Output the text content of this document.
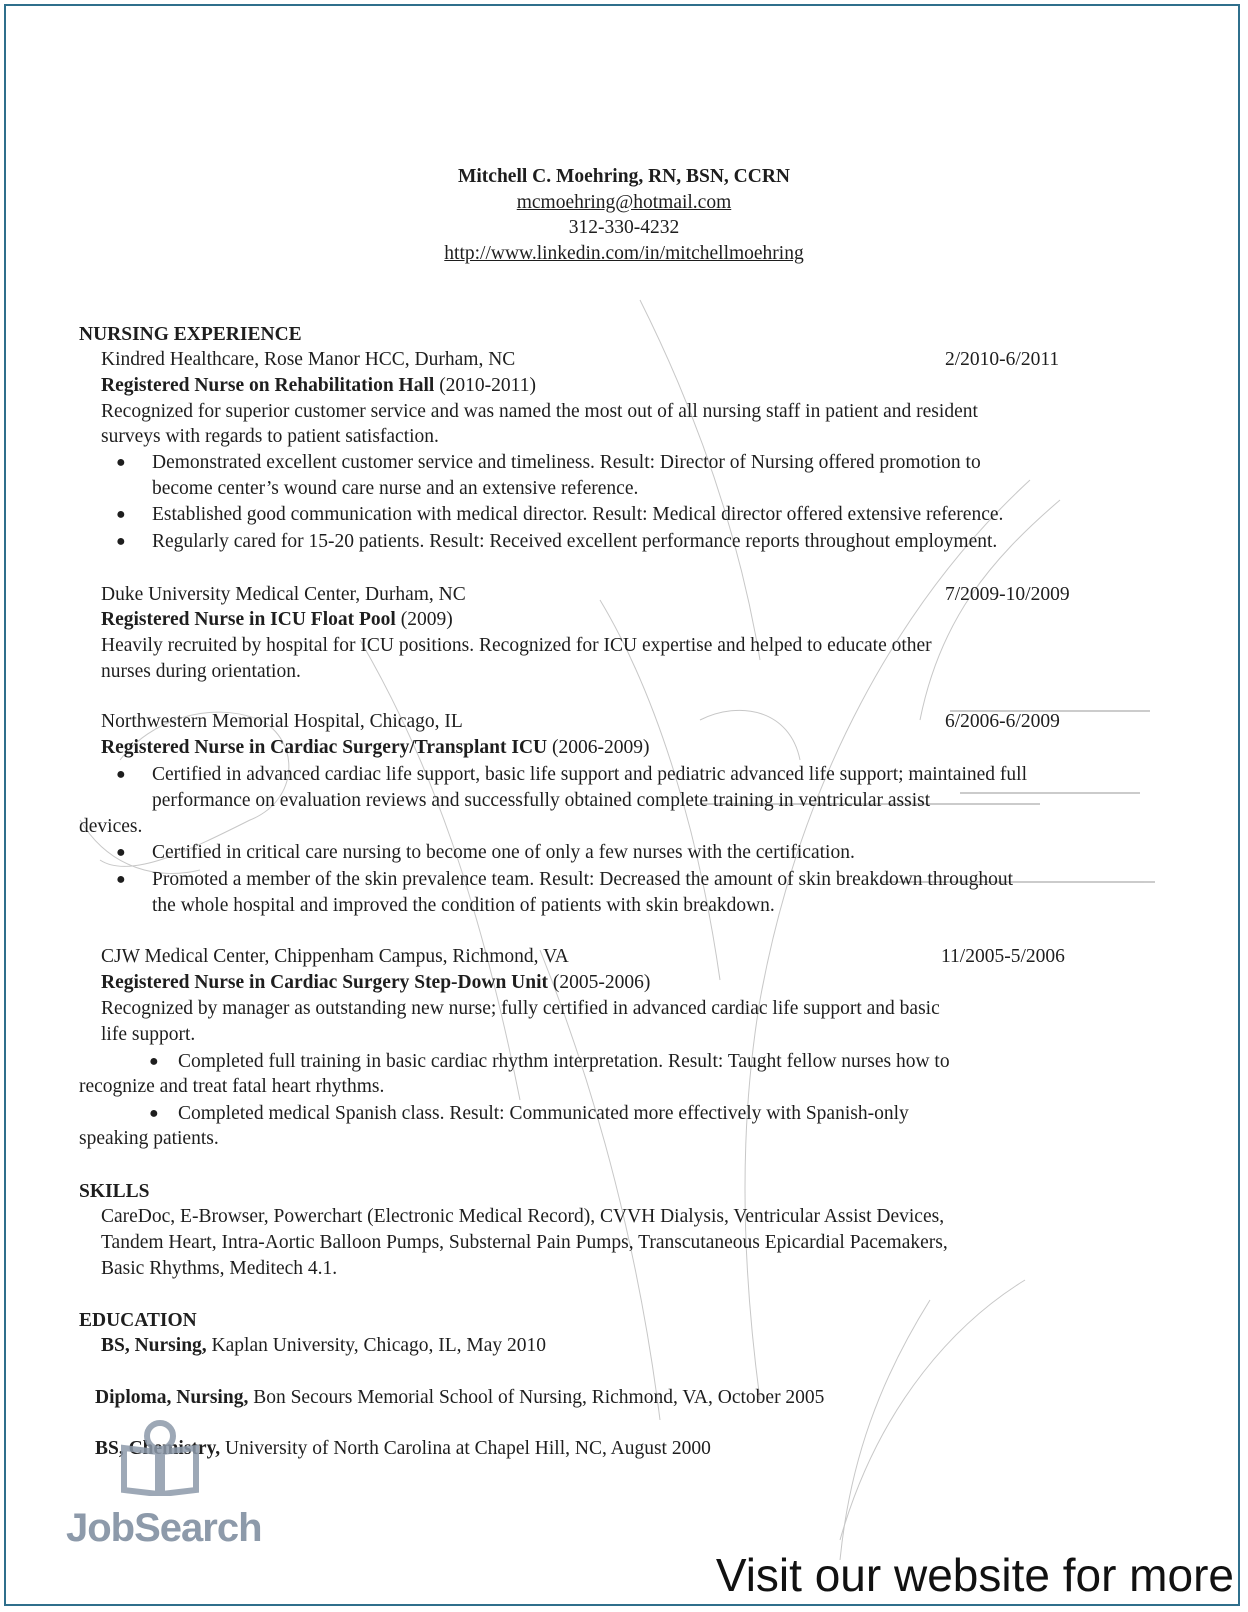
Mitchell C. Moehring, RN, BSN, CCRN
mcmoehring@hotmail.com
312-330-4232
http://www.linkedin.com/in/mitchellmoehring
NURSING EXPERIENCE
Kindred Healthcare, Rose Manor HCC, Durham, NC	2/2010-6/2011
Registered Nurse on Rehabilitation Hall (2010-2011)
Recognized for superior customer service and was named the most out of all nursing staff in patient and resident
surveys with regards to patient satisfaction.
● Demonstrated excellent customer service and timeliness. Result: Director of Nursing offered promotion to
become center’s wound care nurse and an extensive reference.
● Established good communication with medical director. Result: Medical director offered extensive reference.
● Regularly cared for 15-20 patients. Result: Received excellent performance reports throughout employment.
Duke University Medical Center, Durham, NC	7/2009-10/2009
Registered Nurse in ICU Float Pool (2009)
Heavily recruited by hospital for ICU positions. Recognized for ICU expertise and helped to educate other
nurses during orientation.
Northwestern Memorial Hospital, Chicago, IL	6/2006-6/2009
Registered Nurse in Cardiac Surgery/Transplant ICU (2006-2009)
● Certified in advanced cardiac life support, basic life support and pediatric advanced life support; maintained full
performance on evaluation reviews and successfully obtained complete training in ventricular assist
devices.
● Certified in critical care nursing to become one of only a few nurses with the certification.
● Promoted a member of the skin prevalence team. Result: Decreased the amount of skin breakdown throughout
the whole hospital and improved the condition of patients with skin breakdown.
CJW Medical Center, Chippenham Campus, Richmond, VA	11/2005-5/2006
Registered Nurse in Cardiac Surgery Step-Down Unit (2005-2006)
Recognized by manager as outstanding new nurse; fully certified in advanced cardiac life support and basic
life support.
● Completed full training in basic cardiac rhythm interpretation. Result: Taught fellow nurses how to
recognize and treat fatal heart rhythms.
● Completed medical Spanish class. Result: Communicated more effectively with Spanish-only
speaking patients.
SKILLS
CareDoc, E-Browser, Powerchart (Electronic Medical Record), CVVH Dialysis, Ventricular Assist Devices,
Tandem Heart, Intra-Aortic Balloon Pumps, Substernal Pain Pumps, Transcutaneous Epicardial Pacemakers,
Basic Rhythms, Meditech 4.1.
EDUCATION
BS, Nursing, Kaplan University, Chicago, IL, May 2010
Diploma, Nursing, Bon Secours Memorial School of Nursing, Richmond, VA, October 2005
BS, Chemistry, University of North Carolina at Chapel Hill, NC, August 2000
JobSearch
Visit our website for more
